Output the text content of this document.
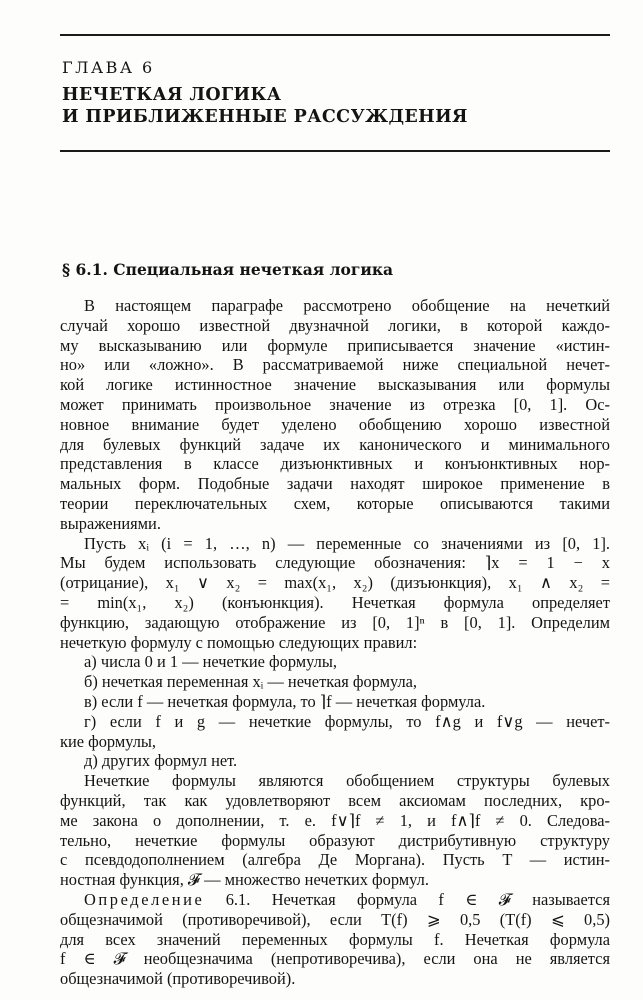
ГЛАВА 6
НЕЧЕТКАЯ ЛОГИКА
И ПРИБЛИЖЕННЫЕ РАССУЖДЕНИЯ
§ 6.1. Специальная нечеткая логика
В настоящем параграфе рассмотрено обобщение на нечеткий
случай хорошо известной двузначной логики, в которой каждо-
му высказыванию или формуле приписывается значение «истин-
но» или «ложно». В рассматриваемой ниже специальной нечет-
кой логике истинностное значение высказывания или формулы
может принимать произвольное значение из отрезка [0, 1]. Ос-
новное внимание будет уделено обобщению хорошо известной
для булевых функций задаче их канонического и минимального
представления в классе дизъюнктивных и конъюнктивных нор-
мальных форм. Подобные задачи находят широкое применение в
теории переключательных схем, которые описываются такими
выражениями.
Пусть xᵢ (i = 1, …, n) — переменные со значениями из [0, 1].
Мы будем использовать следующие обозначения: ⌉x = 1 − x
(отрицание), x₁ ∨ x₂ = max(x₁, x₂) (дизъюнкция), x₁ ∧ x₂ =
= min(x₁, x₂) (конъюнкция). Нечеткая формула определяет
функцию, задающую отображение из [0, 1]ⁿ в [0, 1]. Определим
нечеткую формулу с помощью следующих правил:
а) числа 0 и 1 — нечеткие формулы,
б) нечеткая переменная xᵢ — нечеткая формула,
в) если f — нечеткая формула, то ⌉f — нечеткая формула.
г) если f и g — нечеткие формулы, то f∧g и f∨g — нечет-
кие формулы,
д) других формул нет.
Нечеткие формулы являются обобщением структуры булевых
функций, так как удовлетворяют всем аксиомам последних, кро-
ме закона о дополнении, т. е. f∨⌉f ≠ 1, и f∧⌉f ≠ 0. Следова-
тельно, нечеткие формулы образуют дистрибутивную структуру
с псевдодополнением (алгебра Де Моргана). Пусть T — истин-
ностная функция, 𝓕 — множество нечетких формул.
Определение 6.1. Нечеткая формула f ∈ 𝓕 называется
общезначимой (противоречивой), если T(f) ⩾ 0,5 (T(f) ⩽ 0,5)
для всех значений переменных формулы f. Нечеткая формула
f ∈ 𝓕 необщезначима (непротиворечива), если она не является
общезначимой (противоречивой).
